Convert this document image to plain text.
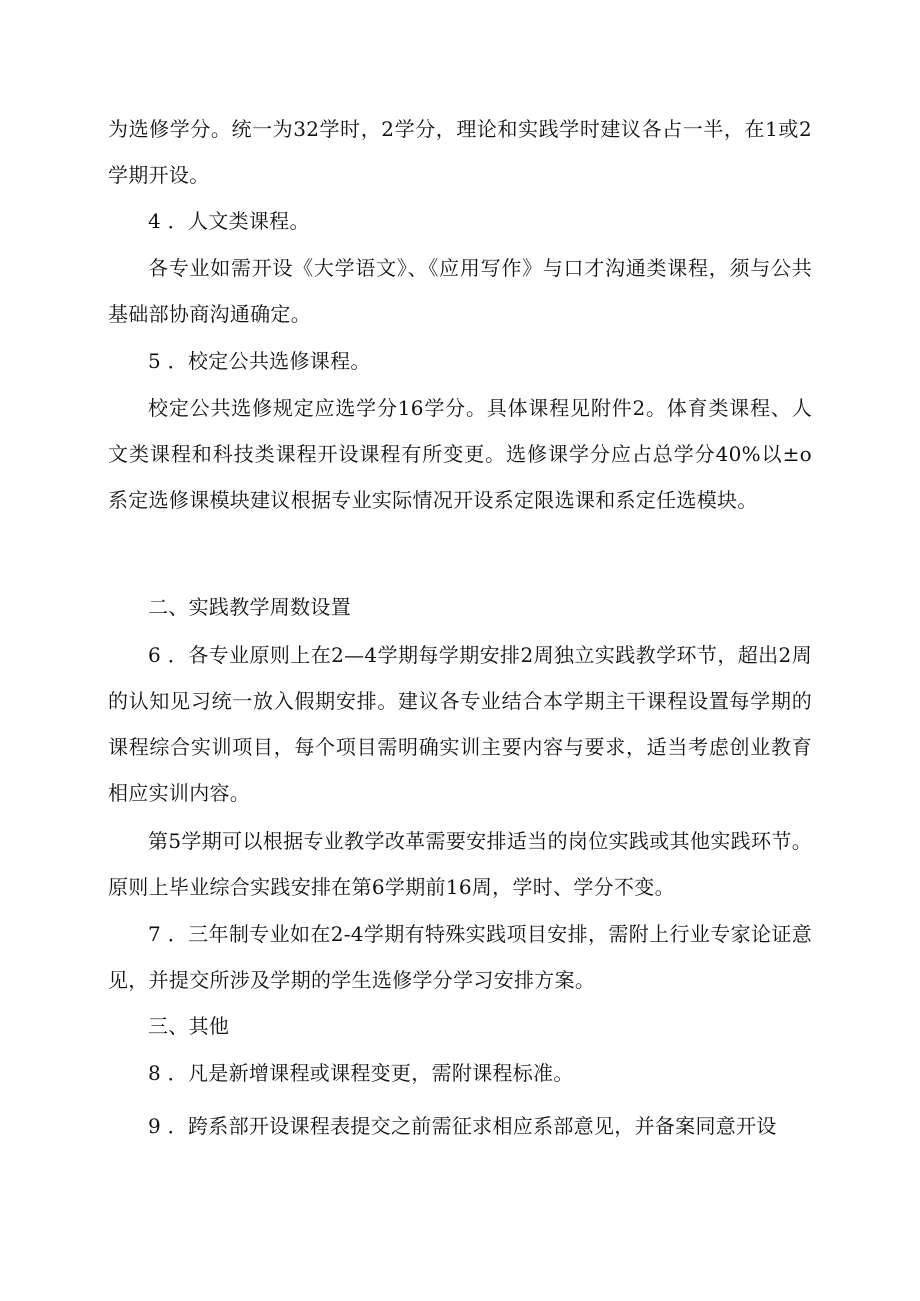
为选修学分。统一为32学时，2学分，理论和实践学时建议各占一半，在1或2学期开设。

4 ．人文类课程。

各专业如需开设《大学语文》、《应用写作》与口才沟通类课程，须与公共基础部协商沟通确定。

5 ．校定公共选修课程。

校定公共选修规定应选学分16学分。具体课程见附件2。体育类课程、人文类课程和科技类课程开设课程有所变更。选修课学分应占总学分40%以±o系定选修课模块建议根据专业实际情况开设系定限选课和系定任选模块。

二、实践教学周数设置

6 ．各专业原则上在2—4学期每学期安排2周独立实践教学环节，超出2周的认知见习统一放入假期安排。建议各专业结合本学期主干课程设置每学期的课程综合实训项目，每个项目需明确实训主要内容与要求，适当考虑创业教育相应实训内容。

第5学期可以根据专业教学改革需要安排适当的岗位实践或其他实践环节。原则上毕业综合实践安排在第6学期前16周，学时、学分不变。

7 ．三年制专业如在2-4学期有特殊实践项目安排，需附上行业专家论证意见，并提交所涉及学期的学生选修学分学习安排方案。

三、其他

8 ．凡是新增课程或课程变更，需附课程标准。

9 ．跨系部开设课程表提交之前需征求相应系部意见，并备案同意开设
